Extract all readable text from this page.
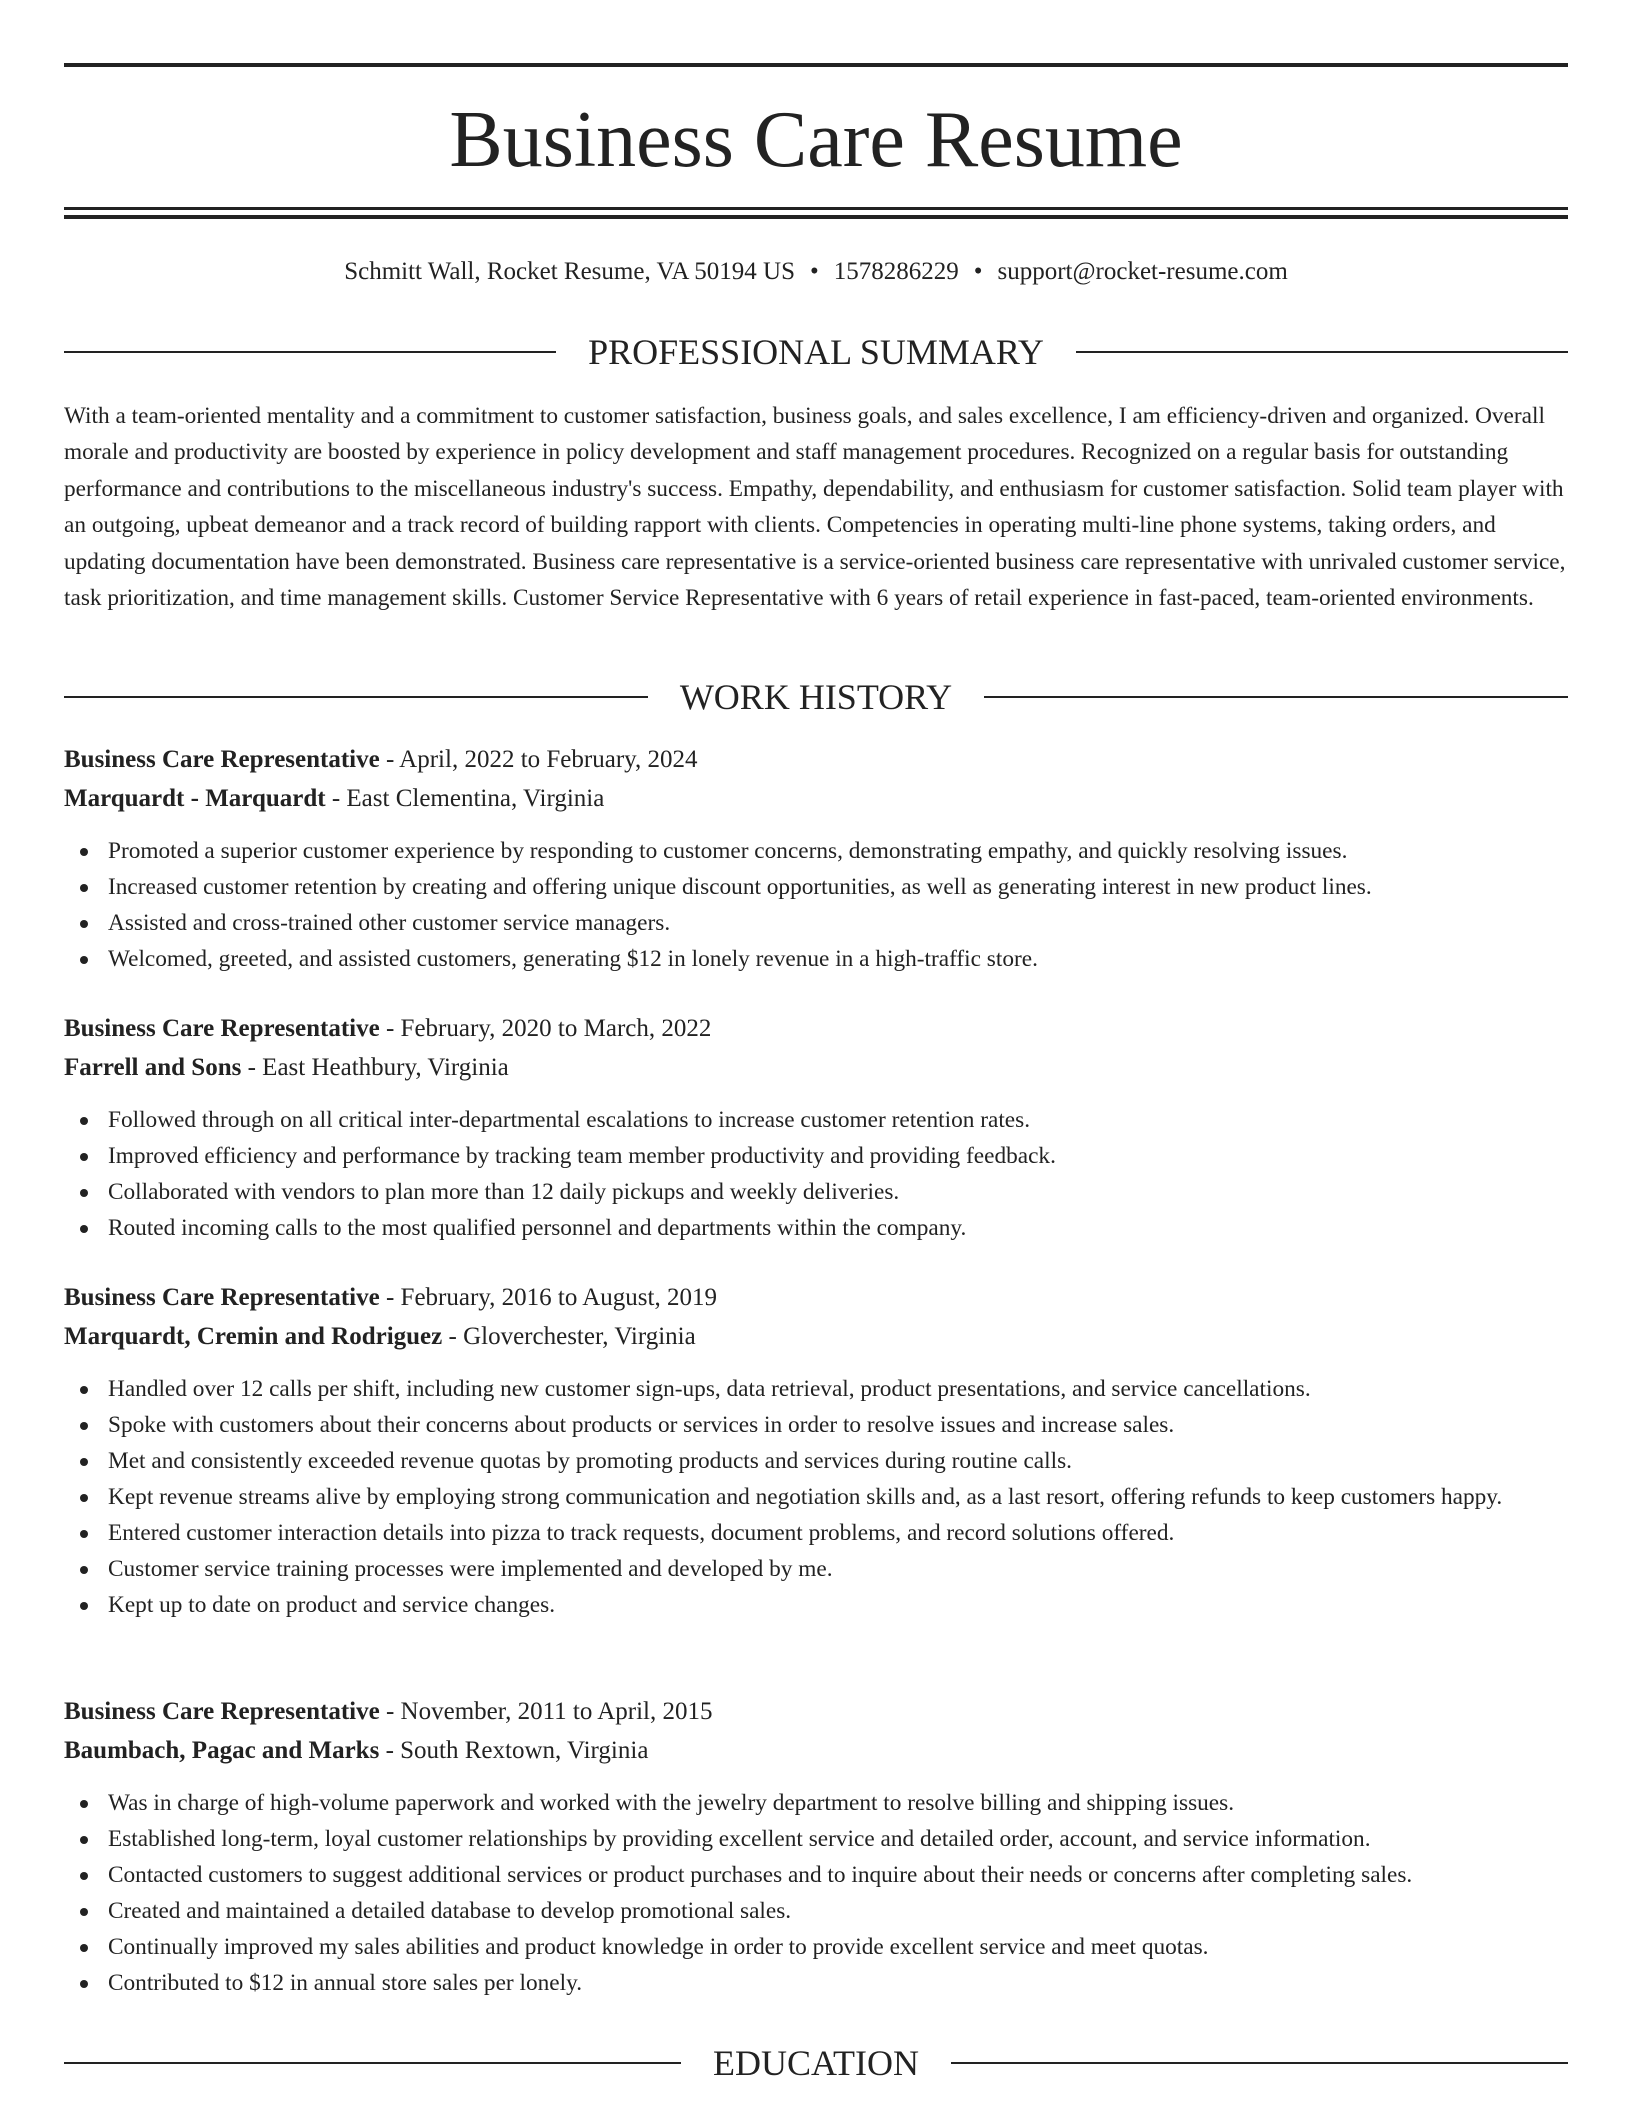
Business Care Resume
Schmitt Wall, Rocket Resume, VA 50194 US • 1578286229 • support@rocket-resume.com
PROFESSIONAL SUMMARY

With a team-oriented mentality and a commitment to customer satisfaction, business goals, and sales excellence, I am efficiency-driven and organized. Overall morale and productivity are boosted by experience in policy development and staff management procedures. Recognized on a regular basis for outstanding performance and contributions to the miscellaneous industry's success. Empathy, dependability, and enthusiasm for customer satisfaction. Solid team player with an outgoing, upbeat demeanor and a track record of building rapport with clients. Competencies in operating multi-line phone systems, taking orders, and updating documentation have been demonstrated. Business care representative is a service-oriented business care representative with unrivaled customer service, task prioritization, and time management skills. Customer Service Representative with 6 years of retail experience in fast-paced, team-oriented environments.

WORK HISTORY
Business Care Representative - April, 2022 to February, 2024
Marquardt - Marquardt - East Clementina, Virginia
Promoted a superior customer experience by responding to customer concerns, demonstrating empathy, and quickly resolving issues.
Increased customer retention by creating and offering unique discount opportunities, as well as generating interest in new product lines.
Assisted and cross-trained other customer service managers.
Welcomed, greeted, and assisted customers, generating $12 in lonely revenue in a high-traffic store.
Business Care Representative - February, 2020 to March, 2022
Farrell and Sons - East Heathbury, Virginia
Followed through on all critical inter-departmental escalations to increase customer retention rates.
Improved efficiency and performance by tracking team member productivity and providing feedback.
Collaborated with vendors to plan more than 12 daily pickups and weekly deliveries.
Routed incoming calls to the most qualified personnel and departments within the company.
Business Care Representative - February, 2016 to August, 2019
Marquardt, Cremin and Rodriguez - Gloverchester, Virginia
Handled over 12 calls per shift, including new customer sign-ups, data retrieval, product presentations, and service cancellations.
Spoke with customers about their concerns about products or services in order to resolve issues and increase sales.
Met and consistently exceeded revenue quotas by promoting products and services during routine calls.
Kept revenue streams alive by employing strong communication and negotiation skills and, as a last resort, offering refunds to keep customers happy.
Entered customer interaction details into pizza to track requests, document problems, and record solutions offered.
Customer service training processes were implemented and developed by me.
Kept up to date on product and service changes.
Business Care Representative - November, 2011 to April, 2015
Baumbach, Pagac and Marks - South Rextown, Virginia
Was in charge of high-volume paperwork and worked with the jewelry department to resolve billing and shipping issues.
Established long-term, loyal customer relationships by providing excellent service and detailed order, account, and service information.
Contacted customers to suggest additional services or product purchases and to inquire about their needs or concerns after completing sales.
Created and maintained a detailed database to develop promotional sales.
Continually improved my sales abilities and product knowledge in order to provide excellent service and meet quotas.
Contributed to $12 in annual store sales per lonely.
EDUCATION
